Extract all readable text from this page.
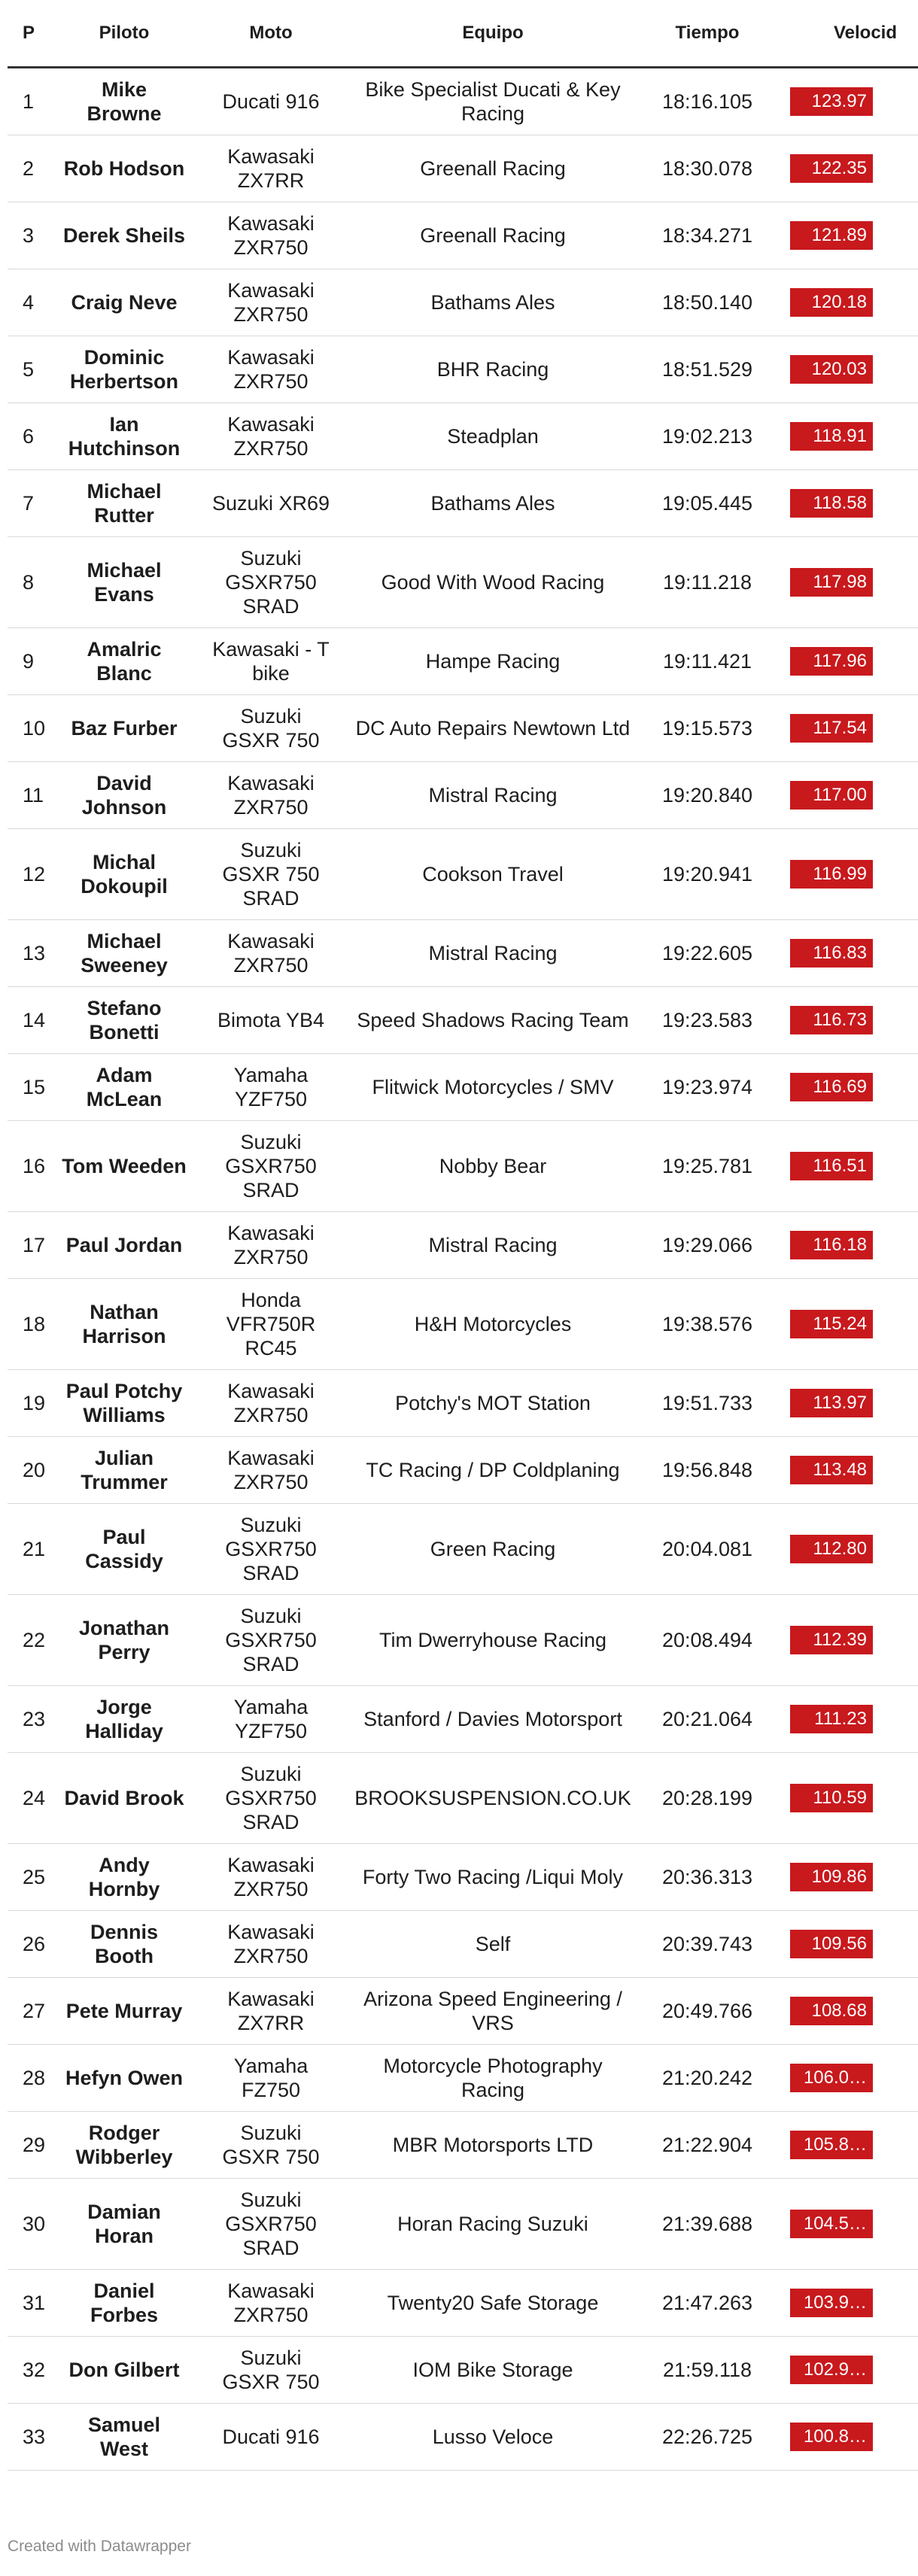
P	Piloto	Moto	Equipo	Tiempo	Velocid
1	Mike Browne	Ducati 916	Bike Specialist Ducati & Key Racing	18:16.105	123.97
2	Rob Hodson	Kawasaki ZX7RR	Greenall Racing	18:30.078	122.35
3	Derek Sheils	Kawasaki ZXR750	Greenall Racing	18:34.271	121.89
4	Craig Neve	Kawasaki ZXR750	Bathams Ales	18:50.140	120.18
5	Dominic Herbertson	Kawasaki ZXR750	BHR Racing	18:51.529	120.03
6	Ian Hutchinson	Kawasaki ZXR750	Steadplan	19:02.213	118.91
7	Michael Rutter	Suzuki XR69	Bathams Ales	19:05.445	118.58
8	Michael Evans	Suzuki GSXR750 SRAD	Good With Wood Racing	19:11.218	117.98
9	Amalric Blanc	Kawasaki - T bike	Hampe Racing	19:11.421	117.96
10	Baz Furber	Suzuki GSXR 750	DC Auto Repairs Newtown Ltd	19:15.573	117.54
11	David Johnson	Kawasaki ZXR750	Mistral Racing	19:20.840	117.00
12	Michal Dokoupil	Suzuki GSXR 750 SRAD	Cookson Travel	19:20.941	116.99
13	Michael Sweeney	Kawasaki ZXR750	Mistral Racing	19:22.605	116.83
14	Stefano Bonetti	Bimota YB4	Speed Shadows Racing Team	19:23.583	116.73
15	Adam McLean	Yamaha YZF750	Flitwick Motorcycles / SMV	19:23.974	116.69
16	Tom Weeden	Suzuki GSXR750 SRAD	Nobby Bear	19:25.781	116.51
17	Paul Jordan	Kawasaki ZXR750	Mistral Racing	19:29.066	116.18
18	Nathan Harrison	Honda VFR750R RC45	H&H Motorcycles	19:38.576	115.24
19	Paul Potchy Williams	Kawasaki ZXR750	Potchy's MOT Station	19:51.733	113.97
20	Julian Trummer	Kawasaki ZXR750	TC Racing / DP Coldplaning	19:56.848	113.48
21	Paul Cassidy	Suzuki GSXR750 SRAD	Green Racing	20:04.081	112.80
22	Jonathan Perry	Suzuki GSXR750 SRAD	Tim Dwerryhouse Racing	20:08.494	112.39
23	Jorge Halliday	Yamaha YZF750	Stanford / Davies Motorsport	20:21.064	111.23
24	David Brook	Suzuki GSXR750 SRAD	BROOKSUSPENSION.CO.UK	20:28.199	110.59
25	Andy Hornby	Kawasaki ZXR750	Forty Two Racing /Liqui Moly	20:36.313	109.86
26	Dennis Booth	Kawasaki ZXR750	Self	20:39.743	109.56
27	Pete Murray	Kawasaki ZX7RR	Arizona Speed Engineering / VRS	20:49.766	108.68
28	Hefyn Owen	Yamaha FZ750	Motorcycle Photography Racing	21:20.242	106.0…
29	Rodger Wibberley	Suzuki GSXR 750	MBR Motorsports LTD	21:22.904	105.8…
30	Damian Horan	Suzuki GSXR750 SRAD	Horan Racing Suzuki	21:39.688	104.5…
31	Daniel Forbes	Kawasaki ZXR750	Twenty20 Safe Storage	21:47.263	103.9…
32	Don Gilbert	Suzuki GSXR 750	IOM Bike Storage	21:59.118	102.9…
33	Samuel West	Ducati 916	Lusso Veloce	22:26.725	100.8…
Created with Datawrapper
